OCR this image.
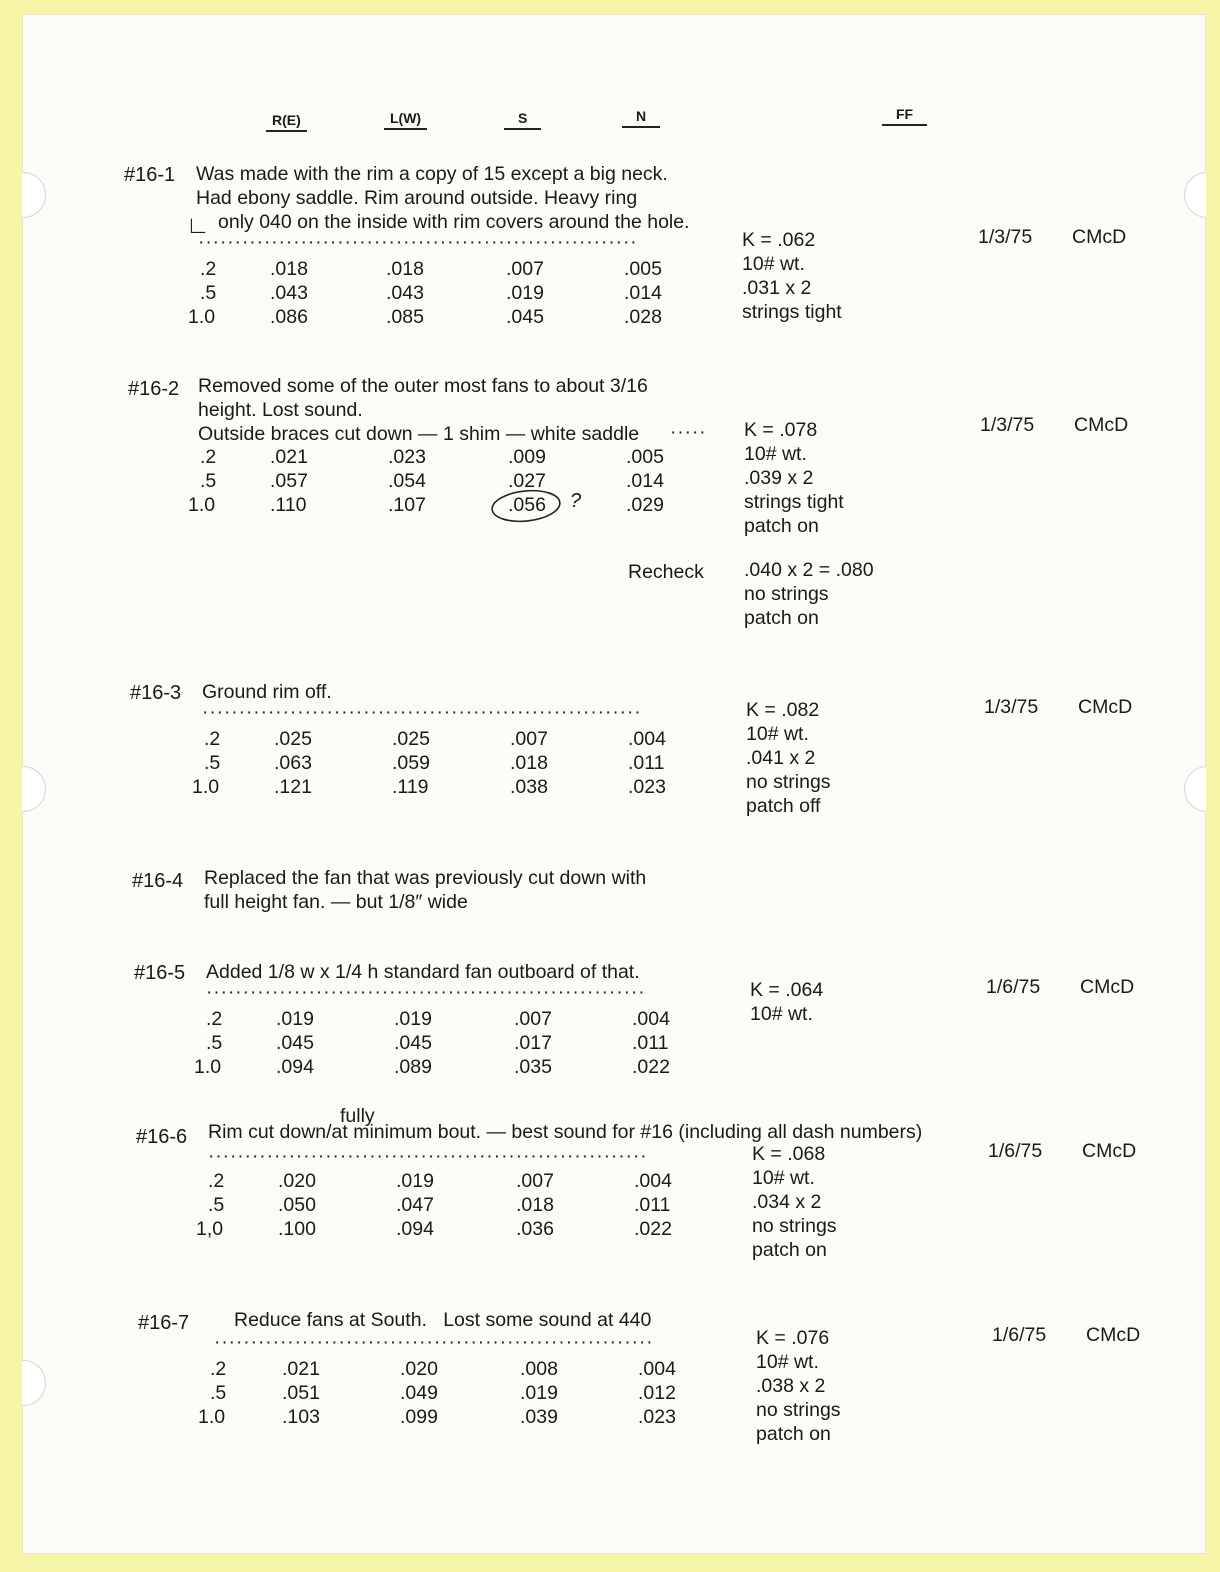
R(E)	L(W)	S	N	FF
#16-1 Was made with the rim a copy of 15 except a big neck.
Had ebony saddle. Rim around outside. Heavy ring
∟ only 040 on the inside with rim covers around the hole.
····························································
.2	.018	.018	.007	.005
.5	.043	.043	.019	.014
1.0	.086	.085	.045	.028
K = .062
10# wt.
.031 x 2
strings tight
1/3/75 CMcD
#16-2 Removed some of the outer most fans to about 3/16
height. Lost sound.
Outside braces cut down — 1 shim — white saddle ·····
.2	.021	.023	.009	.005
.5	.057	.054	.027	.014
1.0	.110	.107	.056	.029
?
K = .078
10# wt.
.039 x 2
strings tight
patch on
1/3/75 CMcD
Recheck .040 x 2 = .080
no strings
patch on
#16-3 Ground rim off.
····························································
.2	.025	.025	.007	.004
.5	.063	.059	.018	.011
1.0	.121	.119	.038	.023
K = .082
10# wt.
.041 x 2
no strings
patch off
1/3/75 CMcD
#16-4 Replaced the fan that was previously cut down with
full height fan. — but 1/8″ wide
#16-5 Added 1/8 w x 1/4 h standard fan outboard of that.
····························································
.2	.019	.019	.007	.004
.5	.045	.045	.017	.011
1.0	.094	.089	.035	.022
K = .064
10# wt.
1/6/75 CMcD
fully
#16-6 Rim cut down/at minimum bout. — best sound for #16 (including all dash numbers)
····························································
.2	.020	.019	.007	.004
.5	.050	.047	.018	.011
1,0	.100	.094	.036	.022
K = .068
10# wt.
.034 x 2
no strings
patch on
1/6/75 CMcD
#16-7 Reduce fans at South.   Lost some sound at 440
····························································
.2	.021	.020	.008	.004
.5	.051	.049	.019	.012
1.0	.103	.099	.039	.023
K = .076
10# wt.
.038 x 2
no strings
patch on
1/6/75 CMcD
